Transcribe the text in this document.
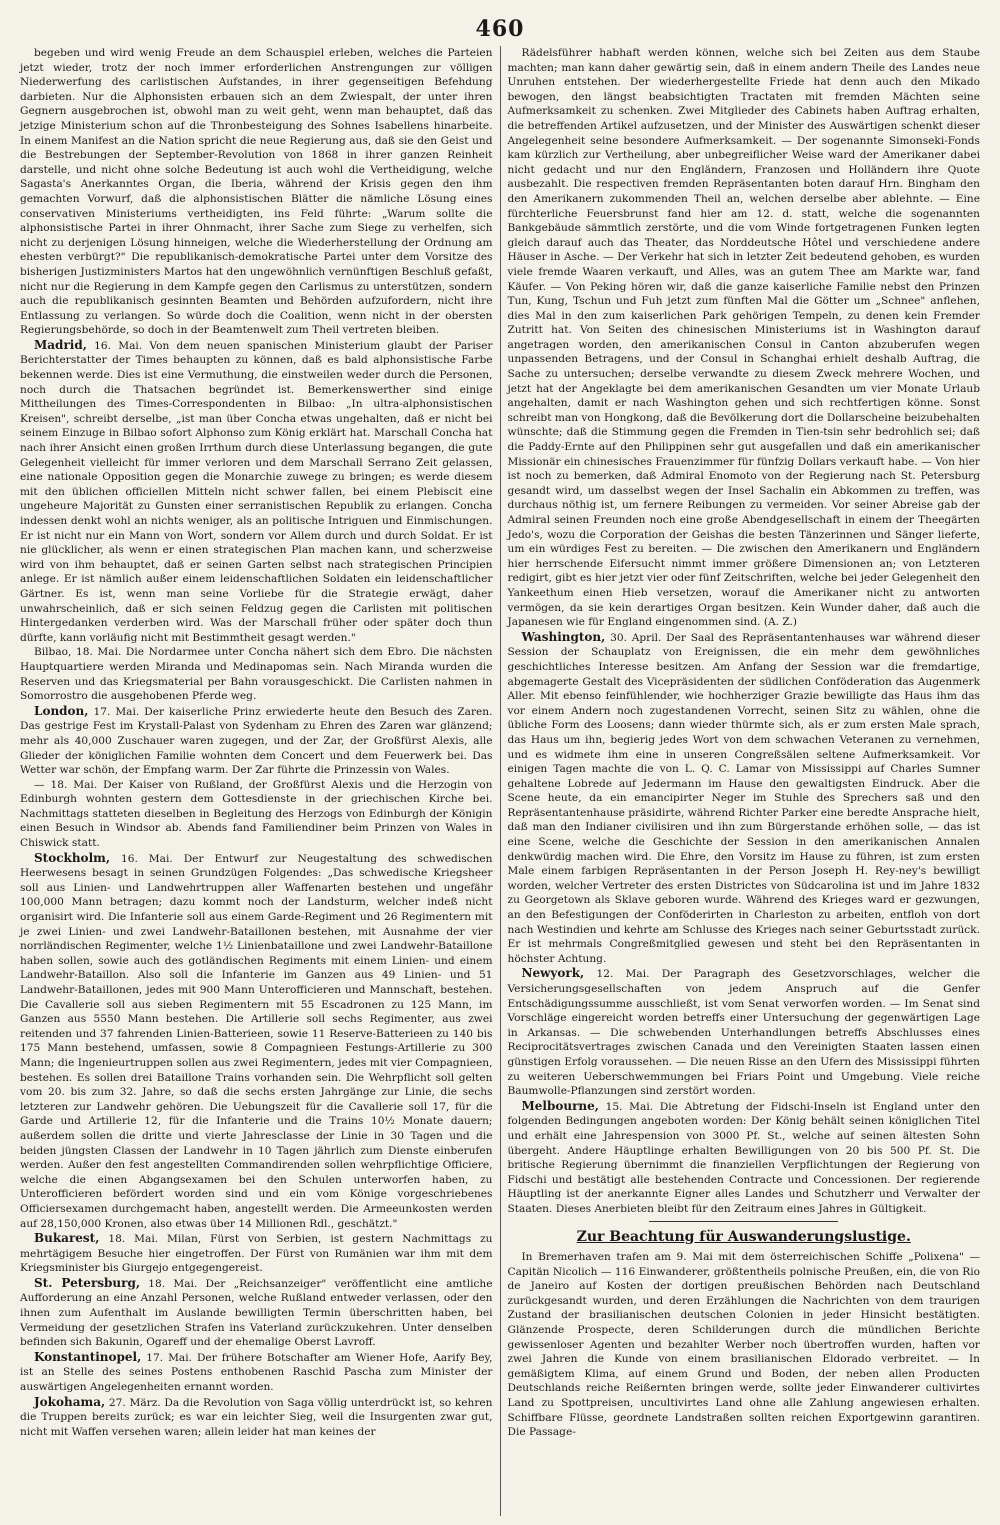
460

begeben und wird wenig Freude an dem Schauspiel erleben, welches die Parteien jetzt wieder, trotz der noch immer erforderlichen Anstrengungen zur völligen Niederwerfung des carlistischen Aufstandes, in ihrer gegenseitigen Befehdung darbieten. Nur die Alphonsisten erbauen sich an dem Zwiespalt, der unter ihren Gegnern ausgebrochen ist, obwohl man zu weit geht, wenn man behauptet, daß das jetzige Ministerium schon auf die Thronbesteigung des Sohnes Isabellens hinarbeite. In einem Manifest an die Nation spricht die neue Regierung aus, daß sie den Geist und die Bestrebungen der September-Revolution von 1868 in ihrer ganzen Reinheit darstelle, und nicht ohne solche Bedeutung ist auch wohl die Vertheidigung, welche Sagasta's Anerkanntes Organ, die Iberia, während der Krisis gegen den ihm gemachten Vorwurf, daß die alphonsistischen Blätter die nämliche Lösung eines conservativen Ministeriums vertheidigten, ins Feld führte: „Warum sollte die alphonsistische Partei in ihrer Ohnmacht, ihrer Sache zum Siege zu verhelfen, sich nicht zu derjenigen Lösung hinneigen, welche die Wiederherstellung der Ordnung am ehesten verbürgt?" Die republikanisch-demokratische Partei unter dem Vorsitze des bisherigen Justizministers Martos hat den ungewöhnlich vernünftigen Beschluß gefaßt, nicht nur die Regierung in dem Kampfe gegen den Carlismus zu unterstützen, sondern auch die republikanisch gesinnten Beamten und Behörden aufzufordern, nicht ihre Entlassung zu verlangen. So würde doch die Coalition, wenn nicht in der obersten Regierungsbehörde, so doch in der Beamtenwelt zum Theil vertreten bleiben.

Madrid, 16. Mai. Von dem neuen spanischen Ministerium glaubt der Pariser Berichterstatter der Times behaupten zu können, daß es bald alphonsistische Farbe bekennen werde. Dies ist eine Vermuthung, die einstweilen weder durch die Personen, noch durch die Thatsachen begründet ist. Bemerkenswerther sind einige Mittheilungen des Times-Correspondenten in Bilbao: „In ultra-alphonsistischen Kreisen", schreibt derselbe, „ist man über Concha etwas ungehalten, daß er nicht bei seinem Einzuge in Bilbao sofort Alphonso zum König erklärt hat. Marschall Concha hat nach ihrer Ansicht einen großen Irrthum durch diese Unterlassung begangen, die gute Gelegenheit vielleicht für immer verloren und dem Marschall Serrano Zeit gelassen, eine nationale Opposition gegen die Monarchie zuwege zu bringen; es werde diesem mit den üblichen officiellen Mitteln nicht schwer fallen, bei einem Plebiscit eine ungeheure Majorität zu Gunsten einer serranistischen Republik zu erlangen. Concha indessen denkt wohl an nichts weniger, als an politische Intriguen und Einmischungen. Er ist nicht nur ein Mann von Wort, sondern vor Allem durch und durch Soldat. Er ist nie glücklicher, als wenn er einen strategischen Plan machen kann, und scherzweise wird von ihm behauptet, daß er seinen Garten selbst nach strategischen Principien anlege. Er ist nämlich außer einem leidenschaftlichen Soldaten ein leidenschaftlicher Gärtner. Es ist, wenn man seine Vorliebe für die Strategie erwägt, daher unwahrscheinlich, daß er sich seinen Feldzug gegen die Carlisten mit politischen Hintergedanken verderben wird. Was der Marschall früher oder später doch thun dürfte, kann vorläufig nicht mit Bestimmtheit gesagt werden."

Bilbao, 18. Mai. Die Nordarmee unter Concha nähert sich dem Ebro. Die nächsten Hauptquartiere werden Miranda und Medinapomas sein. Nach Miranda wurden die Reserven und das Kriegsmaterial per Bahn vorausgeschickt. Die Carlisten nahmen in Somorrostro die ausgehobenen Pferde weg.

London, 17. Mai. Der kaiserliche Prinz erwiederte heute den Besuch des Zaren. Das gestrige Fest im Krystall-Palast von Sydenham zu Ehren des Zaren war glänzend; mehr als 40,000 Zuschauer waren zugegen, und der Zar, der Großfürst Alexis, alle Glieder der königlichen Familie wohnten dem Concert und dem Feuerwerk bei. Das Wetter war schön, der Empfang warm. Der Zar führte die Prinzessin von Wales.

— 18. Mai. Der Kaiser von Rußland, der Großfürst Alexis und die Herzogin von Edinburgh wohnten gestern dem Gottesdienste in der griechischen Kirche bei. Nachmittags statteten dieselben in Begleitung des Herzogs von Edinburgh der Königin einen Besuch in Windsor ab. Abends fand Familiendiner beim Prinzen von Wales in Chiswick statt.

Stockholm, 16. Mai. Der Entwurf zur Neugestaltung des schwedischen Heerwesens besagt in seinen Grundzügen Folgendes: „Das schwedische Kriegsheer soll aus Linien- und Landwehrtruppen aller Waffenarten bestehen und ungefähr 100,000 Mann betragen; dazu kommt noch der Landsturm, welcher indeß nicht organisirt wird. Die Infanterie soll aus einem Garde-Regiment und 26 Regimentern mit je zwei Linien- und zwei Landwehr-Bataillonen bestehen, mit Ausnahme der vier norrländischen Regimenter, welche 1½ Linienbataillone und zwei Landwehr-Bataillone haben sollen, sowie auch des gotländischen Regiments mit einem Linien- und einem Landwehr-Bataillon. Also soll die Infanterie im Ganzen aus 49 Linien- und 51 Landwehr-Bataillonen, jedes mit 900 Mann Unterofficieren und Mannschaft, bestehen. Die Cavallerie soll aus sieben Regimentern mit 55 Escadronen zu 125 Mann, im Ganzen aus 5550 Mann bestehen. Die Artillerie soll sechs Regimenter, aus zwei reitenden und 37 fahrenden Linien-Batterieen, sowie 11 Reserve-Batterieen zu 140 bis 175 Mann bestehend, umfassen, sowie 8 Compagnieen Festungs-Artillerie zu 300 Mann; die Ingenieurtruppen sollen aus zwei Regimentern, jedes mit vier Compagnieen, bestehen. Es sollen drei Bataillone Trains vorhanden sein. Die Wehrpflicht soll gelten vom 20. bis zum 32. Jahre, so daß die sechs ersten Jahrgänge zur Linie, die sechs letzteren zur Landwehr gehören. Die Uebungszeit für die Cavallerie soll 17, für die Garde und Artillerie 12, für die Infanterie und die Trains 10½ Monate dauern; außerdem sollen die dritte und vierte Jahresclasse der Linie in 30 Tagen und die beiden jüngsten Classen der Landwehr in 10 Tagen jährlich zum Dienste einberufen werden. Außer den fest angestellten Commandirenden sollen wehrpflichtige Officiere, welche die einen Abgangsexamen bei den Schulen unterworfen haben, zu Unterofficieren befördert worden sind und ein vom Könige vorgeschriebenes Officiersexamen durchgemacht haben, angestellt werden. Die Armeeunkosten werden auf 28,150,000 Kronen, also etwas über 14 Millionen Rdl., geschätzt."

Bukarest, 18. Mai. Milan, Fürst von Serbien, ist gestern Nachmittags zu mehrtägigem Besuche hier eingetroffen. Der Fürst von Rumänien war ihm mit dem Kriegsminister bis Giurgejo entgegengereist.

St. Petersburg, 18. Mai. Der „Reichsanzeiger" veröffentlicht eine amtliche Aufforderung an eine Anzahl Personen, welche Rußland entweder verlassen, oder den ihnen zum Aufenthalt im Auslande bewilligten Termin überschritten haben, bei Vermeidung der gesetzlichen Strafen ins Vaterland zurückzukehren. Unter denselben befinden sich Bakunin, Ogareff und der ehemalige Oberst Lavroff.

Konstantinopel, 17. Mai. Der frühere Botschafter am Wiener Hofe, Aarify Bey, ist an Stelle des seines Postens enthobenen Raschid Pascha zum Minister der auswärtigen Angelegenheiten ernannt worden.

Jokohama, 27. März. Da die Revolution von Saga völlig unterdrückt ist, so kehren die Truppen bereits zurück; es war ein leichter Sieg, weil die Insurgenten zwar gut, nicht mit Waffen versehen waren; allein leider hat man keines der

Rädelsführer habhaft werden können, welche sich bei Zeiten aus dem Staube machten; man kann daher gewärtig sein, daß in einem andern Theile des Landes neue Unruhen entstehen. Der wiederhergestellte Friede hat denn auch den Mikado bewogen, den längst beabsichtigten Tractaten mit fremden Mächten seine Aufmerksamkeit zu schenken. Zwei Mitglieder des Cabinets haben Auftrag erhalten, die betreffenden Artikel aufzusetzen, und der Minister des Auswärtigen schenkt dieser Angelegenheit seine besondere Aufmerksamkeit. — Der sogenannte Simonseki-Fonds kam kürzlich zur Vertheilung, aber unbegreiflicher Weise ward der Amerikaner dabei nicht gedacht und nur den Engländern, Franzosen und Holländern ihre Quote ausbezahlt. Die respectiven fremden Repräsentanten boten darauf Hrn. Bingham den den Amerikanern zukommenden Theil an, welchen derselbe aber ablehnte. — Eine fürchterliche Feuersbrunst fand hier am 12. d. statt, welche die sogenannten Bankgebäude sämmtlich zerstörte, und die vom Winde fortgetragenen Funken legten gleich darauf auch das Theater, das Norddeutsche Hôtel und verschiedene andere Häuser in Asche. — Der Verkehr hat sich in letzter Zeit bedeutend gehoben, es wurden viele fremde Waaren verkauft, und Alles, was an gutem Thee am Markte war, fand Käufer. — Von Peking hören wir, daß die ganze kaiserliche Familie nebst den Prinzen Tun, Kung, Tschun und Fuh jetzt zum fünften Mal die Götter um „Schnee" anflehen, dies Mal in den zum kaiserlichen Park gehörigen Tempeln, zu denen kein Fremder Zutritt hat. Von Seiten des chinesischen Ministeriums ist in Washington darauf angetragen worden, den amerikanischen Consul in Canton abzuberufen wegen unpassenden Betragens, und der Consul in Schanghai erhielt deshalb Auftrag, die Sache zu untersuchen; derselbe verwandte zu diesem Zweck mehrere Wochen, und jetzt hat der Angeklagte bei dem amerikanischen Gesandten um vier Monate Urlaub angehalten, damit er nach Washington gehen und sich rechtfertigen könne. Sonst schreibt man von Hongkong, daß die Bevölkerung dort die Dollarscheine beizubehalten wünschte; daß die Stimmung gegen die Fremden in Tien-tsin sehr bedrohlich sei; daß die Paddy-Ernte auf den Philippinen sehr gut ausgefallen und daß ein amerikanischer Missionär ein chinesisches Frauenzimmer für fünfzig Dollars verkauft habe. — Von hier ist noch zu bemerken, daß Admiral Enomoto von der Regierung nach St. Petersburg gesandt wird, um dasselbst wegen der Insel Sachalin ein Abkommen zu treffen, was durchaus nöthig ist, um fernere Reibungen zu vermeiden. Vor seiner Abreise gab der Admiral seinen Freunden noch eine große Abendgesellschaft in einem der Theegärten Jedo's, wozu die Corporation der Geishas die besten Tänzerinnen und Sänger lieferte, um ein würdiges Fest zu bereiten. — Die zwischen den Amerikanern und Engländern hier herrschende Eifersucht nimmt immer größere Dimensionen an; von Letzteren redigirt, gibt es hier jetzt vier oder fünf Zeitschriften, welche bei jeder Gelegenheit den Yankeethum einen Hieb versetzen, worauf die Amerikaner nicht zu antworten vermögen, da sie kein derartiges Organ besitzen. Kein Wunder daher, daß auch die Japanesen wie für England eingenommen sind. (A. Z.)

Washington, 30. April. Der Saal des Repräsentantenhauses war während dieser Session der Schauplatz von Ereignissen, die ein mehr dem gewöhnliches geschichtliches Interesse besitzen. Am Anfang der Session war die fremdartige, abgemagerte Gestalt des Vicepräsidenten der südlichen Conföderation das Augenmerk Aller. Mit ebenso feinfühlender, wie hochherziger Grazie bewilligte das Haus ihm das vor einem Andern noch zugestandenen Vorrecht, seinen Sitz zu wählen, ohne die übliche Form des Loosens; dann wieder thürmte sich, als er zum ersten Male sprach, das Haus um ihn, begierig jedes Wort von dem schwachen Veteranen zu vernehmen, und es widmete ihm eine in unseren Congreßsälen seltene Aufmerksamkeit. Vor einigen Tagen machte die von L. Q. C. Lamar von Mississippi auf Charles Sumner gehaltene Lobrede auf Jedermann im Hause den gewaltigsten Eindruck. Aber die Scene heute, da ein emancipirter Neger im Stuhle des Sprechers saß und den Repräsentantenhause präsidirte, während Richter Parker eine beredte Ansprache hielt, daß man den Indianer civilisiren und ihn zum Bürgerstande erhöhen solle, — das ist eine Scene, welche die Geschichte der Session in den amerikanischen Annalen denkwürdig machen wird. Die Ehre, den Vorsitz im Hause zu führen, ist zum ersten Male einem farbigen Repräsentanten in der Person Joseph H. Rey-ney's bewilligt worden, welcher Vertreter des ersten Districtes von Südcarolina ist und im Jahre 1832 zu Georgetown als Sklave geboren wurde. Während des Krieges ward er gezwungen, an den Befestigungen der Conföderirten in Charleston zu arbeiten, entfloh von dort nach Westindien und kehrte am Schlusse des Krieges nach seiner Geburtsstadt zurück. Er ist mehrmals Congreßmitglied gewesen und steht bei den Repräsentanten in höchster Achtung.

Newyork, 12. Mai. Der Paragraph des Gesetzvorschlages, welcher die Versicherungsgesellschaften von jedem Anspruch auf die Genfer Entschädigungssumme ausschließt, ist vom Senat verworfen worden. — Im Senat sind Vorschläge eingereicht worden betreffs einer Untersuchung der gegenwärtigen Lage in Arkansas. — Die schwebenden Unterhandlungen betreffs Abschlusses eines Reciprocitätsvertrages zwischen Canada und den Vereinigten Staaten lassen einen günstigen Erfolg voraussehen. — Die neuen Risse an den Ufern des Mississippi führten zu weiteren Ueberschwemmungen bei Friars Point und Umgebung. Viele reiche Baumwolle-Pflanzungen sind zerstört worden.

Melbourne, 15. Mai. Die Abtretung der Fidschi-Inseln ist England unter den folgenden Bedingungen angeboten worden: Der König behält seinen königlichen Titel und erhält eine Jahrespension von 3000 Pf. St., welche auf seinen ältesten Sohn übergeht. Andere Häuptlinge erhalten Bewilligungen von 20 bis 500 Pf. St. Die britische Regierung übernimmt die finanziellen Verpflichtungen der Regierung von Fidschi und bestätigt alle bestehenden Contracte und Concessionen. Der regierende Häuptling ist der anerkannte Eigner alles Landes und Schutzherr und Verwalter der Staaten. Dieses Anerbieten bleibt für den Zeitraum eines Jahres in Gültigkeit.

Zur Beachtung für Auswanderungslustige.

In Bremerhaven trafen am 9. Mai mit dem österreichischen Schiffe „Polixena" — Capitän Nicolich — 116 Einwanderer, größtentheils polnische Preußen, ein, die von Rio de Janeiro auf Kosten der dortigen preußischen Behörden nach Deutschland zurückgesandt wurden, und deren Erzählungen die Nachrichten von dem traurigen Zustand der brasilianischen deutschen Colonien in jeder Hinsicht bestätigten. Glänzende Prospecte, deren Schilderungen durch die mündlichen Berichte gewissenloser Agenten und bezahlter Werber noch übertroffen wurden, haften vor zwei Jahren die Kunde von einem brasilianischen Eldorado verbreitet. — In gemäßigtem Klima, auf einem Grund und Boden, der neben allen Producten Deutschlands reiche Reißernten bringen werde, sollte jeder Einwanderer cultivirtes Land zu Spottpreisen, uncultivirtes Land ohne alle Zahlung angewiesen erhalten. Schiffbare Flüsse, geordnete Landstraßen sollten reichen Exportgewinn garantiren. Die Passage-
